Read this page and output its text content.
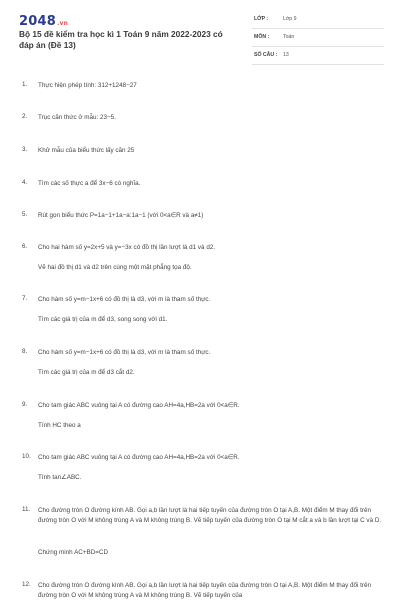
2048.vn
Bộ 15 đề kiểm tra học kì 1 Toán 9 năm 2022-2023 có đáp án (Đề 13)
LỚP :	Lớp 9
MÔN :	Toán
SỐ CÂU : 13
1. Thực hiện phép tính: 312+1248−27
2. Trục căn thức ở mẫu: 23−5.
3. Khử mẫu của biểu thức lấy căn 25
4. Tìm các số thực a để 3x−6 có nghĩa.
5. Rút gọn biểu thức P=1a−1+1a−a:1a−1 (với 0<a∈R và a≠1)
6. Cho hai hàm số y=2x+5 và y=−3x có đồ thị lần lượt là d1 và d2.
Vẽ hai đồ thị d1 và d2 trên cùng một mặt phẳng tọa độ.
7. Cho hàm số y=m−1x+6 có đồ thị là d3, với m là tham số thực.
Tìm các giá trị của m để d3, song song với d1.
8. Cho hàm số y=m−1x+6 có đồ thị là d3, với m là tham số thực.
Tìm các giá trị của m để d3 cắt d2.
9. Cho tam giác ABC vuông tại A có đường cao AH=4a,HB=2a với 0<a∈R.
Tính HC theo a
10. Cho tam giác ABC vuông tại A có đường cao AH=4a,HB=2a với 0<a∈R.
Tính tan∠ABC.
11. Cho đường tròn O đường kính AB. Gọi a,b lần lượt là hai tiếp tuyến của đường tròn O tại A,B. Một điểm M thay đổi trên đường tròn O với M không trùng A và M không trùng B. Vẽ tiếp tuyến của đường tròn O tại M cắt a và b lần lượt tại C và D.
Chứng minh AC+BD=CD
12. Cho đường tròn O đường kính AB. Gọi a,b lần lượt là hai tiếp tuyến của đường tròn O tại A,B. Một điểm M thay đổi trên đường tròn O với M không trùng A và M không trùng B. Vẽ tiếp tuyến của
